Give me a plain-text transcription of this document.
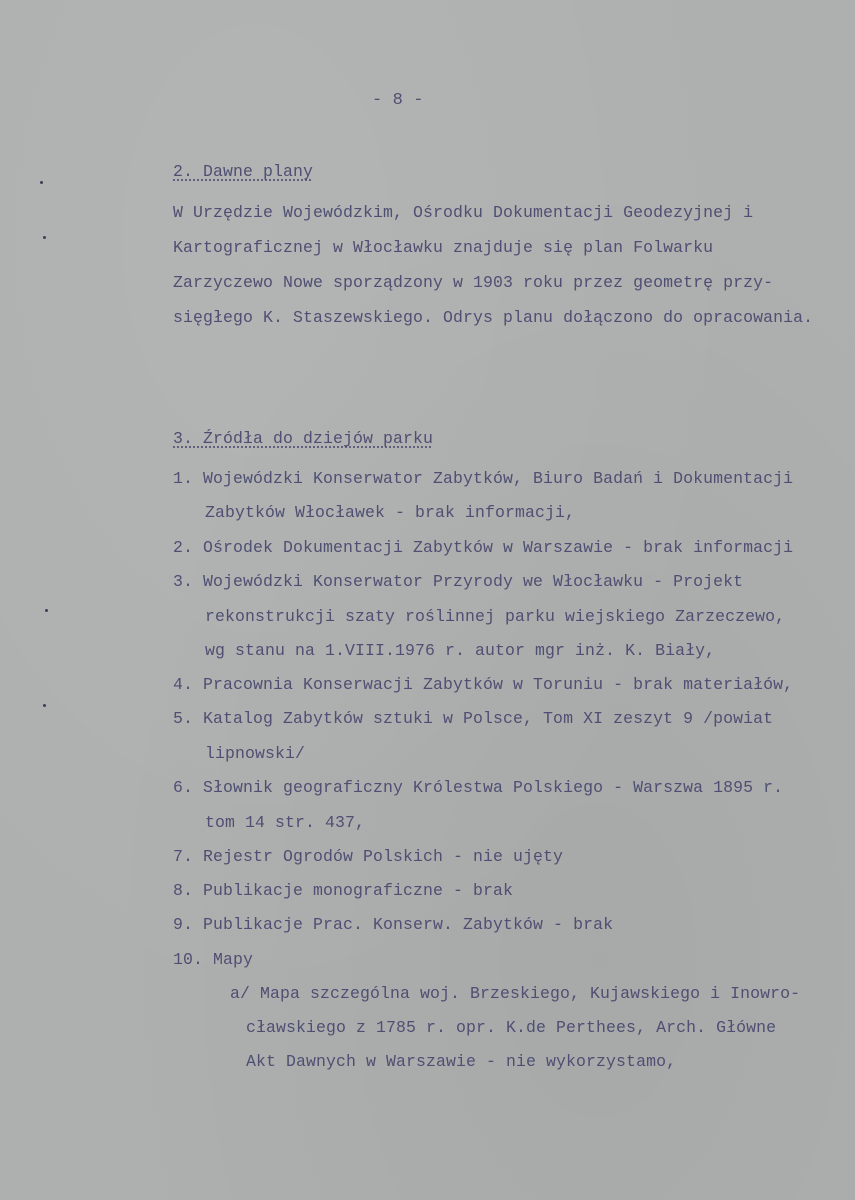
- 8 -
2. Dawne plany
W Urzędzie Wojewódzkim, Ośrodku Dokumentacji Geodezyjnej i
Kartograficznej w Włocławku znajduje się plan Folwarku
Zarzyczewo Nowe sporządzony w 1903 roku przez geometrę przy-
sięgłego K. Staszewskiego. Odrys planu dołączono do opracowania.
3. Źródła do dziejów parku
1. Wojewódzki Konserwator Zabytków, Biuro Badań i Dokumentacji
Zabytków Włocławek - brak informacji,
2. Ośrodek Dokumentacji Zabytków w Warszawie - brak informacji
3. Wojewódzki Konserwator Przyrody we Włocławku - Projekt
rekonstrukcji szaty roślinnej parku wiejskiego Zarzeczewo,
wg stanu na 1.VIII.1976 r. autor mgr inż. K. Biały,
4. Pracownia Konserwacji Zabytków w Toruniu - brak materiałów,
5. Katalog Zabytków sztuki w Polsce, Tom XI zeszyt 9 /powiat
lipnowski/
6. Słownik geograficzny Królestwa Polskiego - Warszwa 1895 r.
tom 14 str. 437,
7. Rejestr Ogrodów Polskich - nie ujęty
8. Publikacje monograficzne - brak
9. Publikacje Prac. Konserw. Zabytków - brak
10. Mapy
a/ Mapa szczególna woj. Brzeskiego, Kujawskiego i Inowro-
cławskiego z 1785 r. opr. K.de Perthees, Arch. Główne
Akt Dawnych w Warszawie - nie wykorzystamo,
